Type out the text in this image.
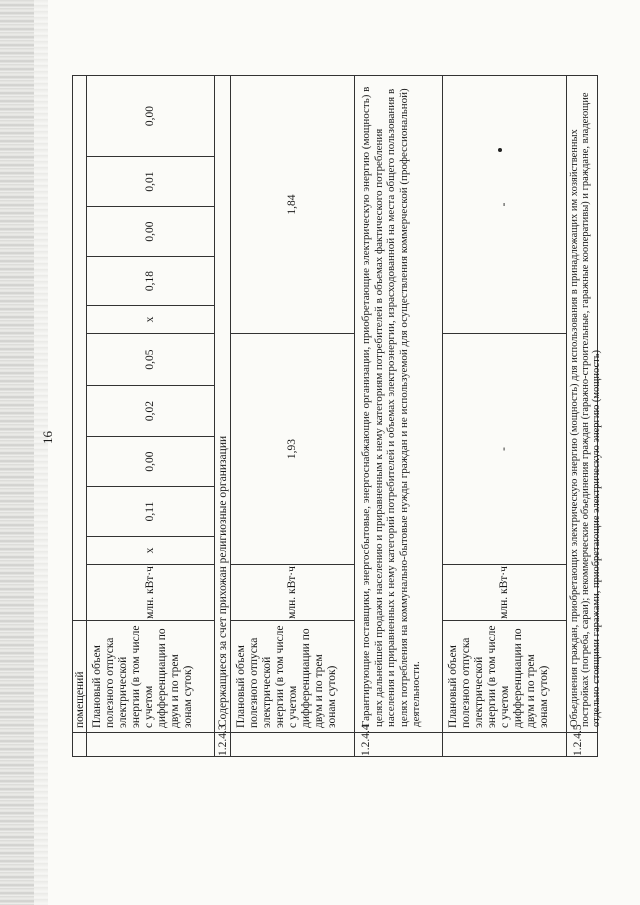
16
помещений Плановый объем полезного отпуска электрической энергии (в том числе с учетом дифференциации по двум и по трем зонам суток)
млн. кВт·ч
х
0,11
0,00
0,02
0,05
х
0,18
0,00
0,01
0,00
1.2.4.3
Содержащиеся за счет прихожан религиозные организации Плановый объем полезного отпуска электрической энергии (в том числе с учетом дифференциации по двум и по трем зонам суток)
млн. кВт·ч
1,93
1,84
1.2.4.4
Гарантирующие поставщики, энергосбытовые, энергоснабжающие организации, приобретающие электрическую энергию (мощность) в целях дальнейшей продажи населению и приравненным к нему категориям потребителей в объемах фактического потребления населения и приравненных к нему категорий потребителей и объемах электроэнергии, израсходованной на места общего пользования в целях потребления на коммунально-бытовые нужды граждан и не используемой для осуществления коммерческой (профессиональной) деятельности.	Плановый объем полезного отпуска электрической энергии (в том числе с учетом дифференциации по двум и по трем зонам суток)
млн. кВт·ч
-
-
1.2.4.5
Объединения граждан, приобретающих электрическую энергию (мощность) для использования в принадлежащих им хозяйственных постройках (погреба, сараи); некоммерческие объединения граждан (гаражно-строительные, гаражные кооперативы) и граждане, владеющие отдельно стоящими гаражами, приобретающие электрическую энергию (мощность)
